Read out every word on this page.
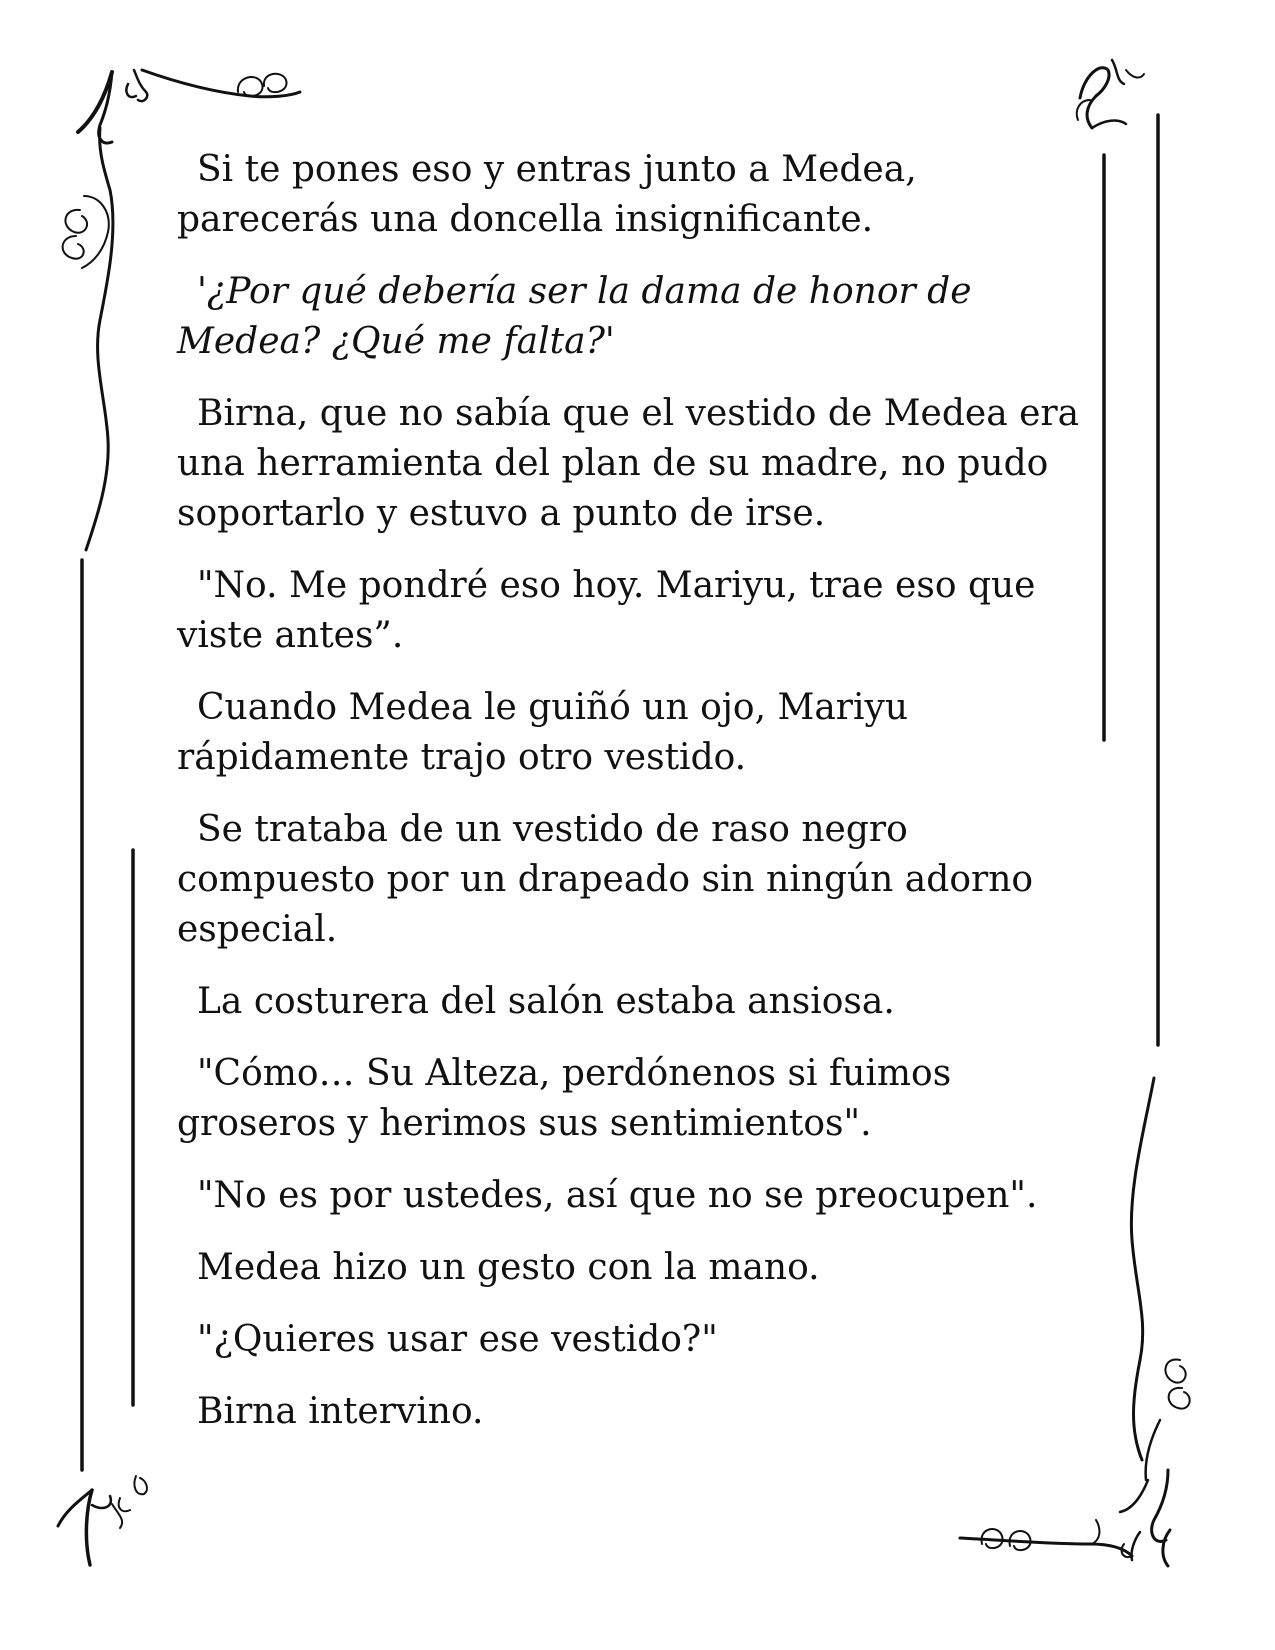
Si te pones eso y entras junto a Medea, parecerás una doncella insignificante.

'¿Por qué debería ser la dama de honor de Medea? ¿Qué me falta?'

Birna, que no sabía que el vestido de Medea era una herramienta del plan de su madre, no pudo soportarlo y estuvo a punto de irse.

"No. Me pondré eso hoy. Mariyu, trae eso que viste antes”.

Cuando Medea le guiñó un ojo, Mariyu rápidamente trajo otro vestido.

Se trataba de un vestido de raso negro compuesto por un drapeado sin ningún adorno especial.

La costurera del salón estaba ansiosa.

"Cómo… Su Alteza, perdónenos si fuimos groseros y herimos sus sentimientos".

"No es por ustedes, así que no se preocupen".

Medea hizo un gesto con la mano.

"¿Quieres usar ese vestido?"

Birna intervino.
